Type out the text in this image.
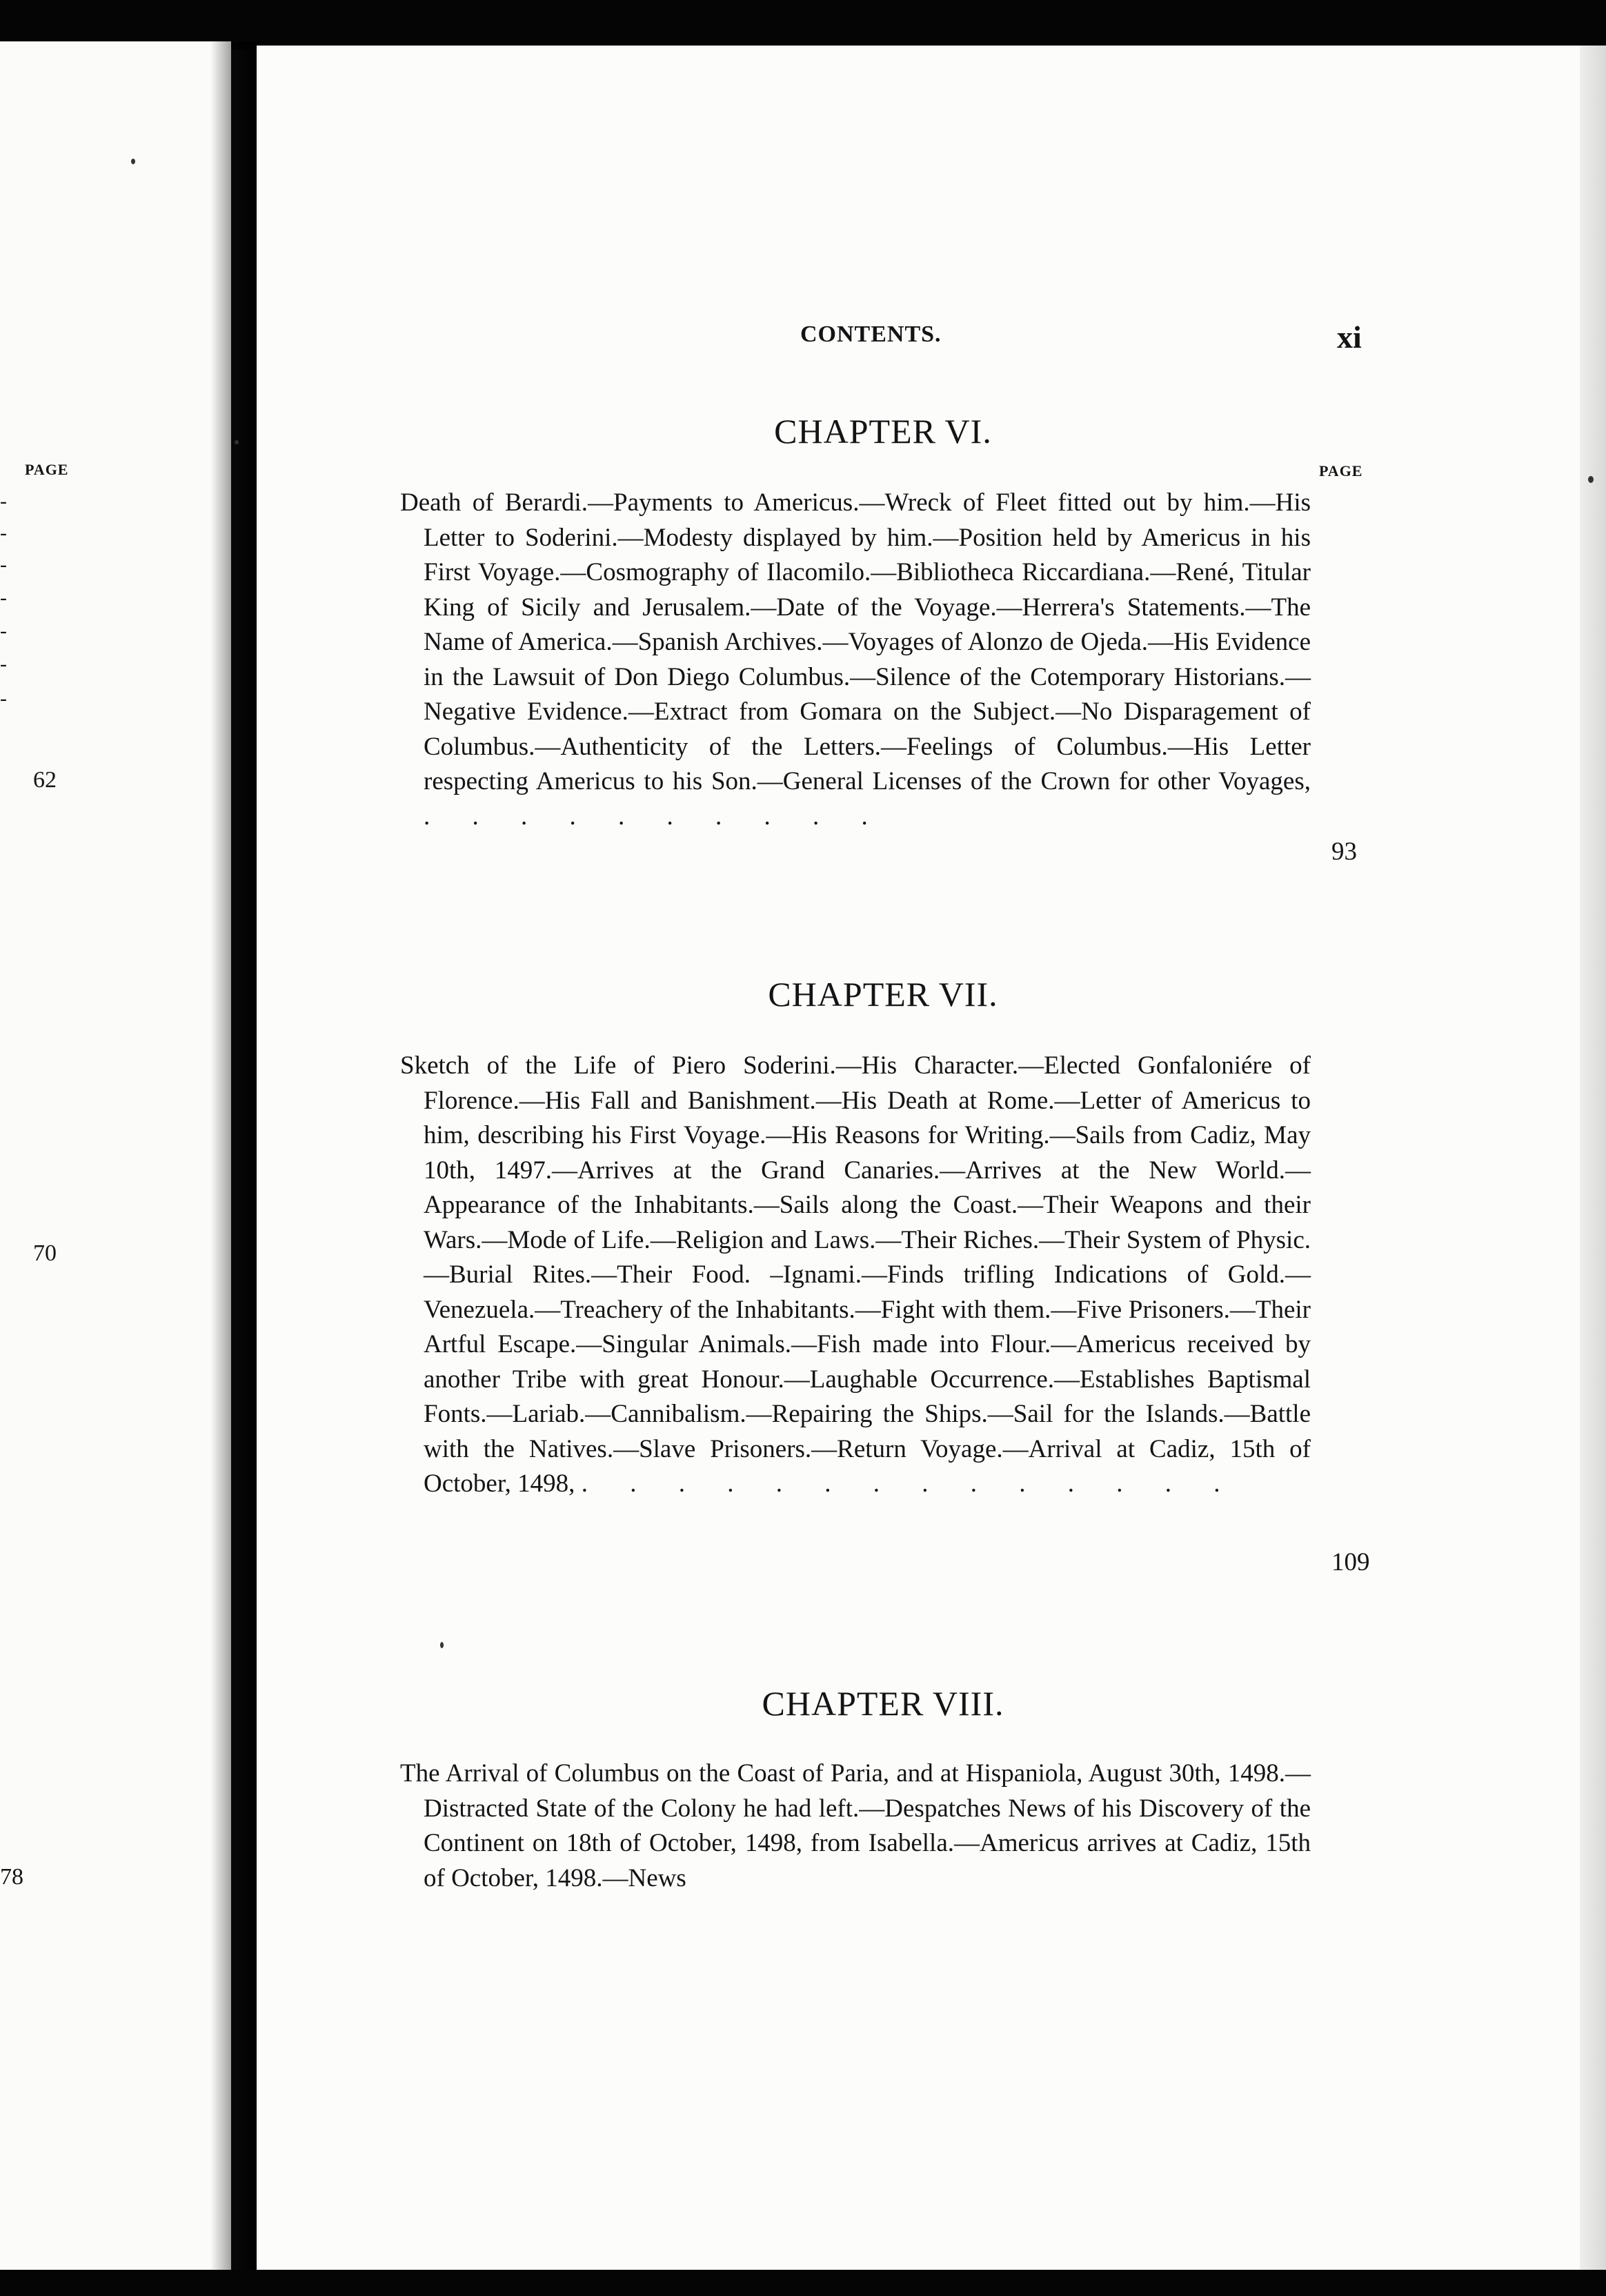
PAGE
-
-
-
-
-
-
-
62
70
78
CONTENTS.	xi
PAGE
CHAPTER VI.
Death of Berardi.—Payments to Americus.—Wreck of Fleet fitted out by him.—His Letter to Soderini.—Modesty displayed by him.—Position held by Americus in his First Voyage.—Cosmography of Ilacomilo.—Bibliotheca Riccardiana.—René, Titular King of Sicily and Jerusalem.—Date of the Voyage.—Herrera's Statements.—The Name of America.—Spanish Archives.—Voyages of Alonzo de Ojeda.—His Evidence in the Lawsuit of Don Diego Columbus.—Silence of the Cotemporary Historians.—Negative Evidence.—Extract from Gomara on the Subject.—No Disparagement of Columbus.—Authenticity of the Letters.—Feelings of Columbus.—His Letter respecting Americus to his Son.—General Licenses of the Crown for other Voyages, . . . . . . . . . .
93
CHAPTER VII.
Sketch of the Life of Piero Soderini.—His Character.—Elected Gonfaloniére of Florence.—His Fall and Banishment.—His Death at Rome.—Letter of Americus to him, describing his First Voyage.—His Reasons for Writing.—Sails from Cadiz, May 10th, 1497.—Arrives at the Grand Canaries.—Arrives at the New World.—Appearance of the Inhabitants.—Sails along the Coast.—Their Weapons and their Wars.—Mode of Life.—Religion and Laws.—Their Riches.—Their System of Physic.—Burial Rites.—Their Food. –Ignami.—Finds trifling Indications of Gold.—Venezuela.—Treachery of the Inhabitants.—Fight with them.—Five Prisoners.—Their Artful Escape.—Singular Animals.—Fish made into Flour.—Americus received by another Tribe with great Honour.—Laughable Occurrence.—Establishes Baptismal Fonts.—Lariab.—Cannibalism.—Repairing the Ships.—Sail for the Islands.—Battle with the Natives.—Slave Prisoners.—Return Voyage.—Arrival at Cadiz, 15th of October, 1498, . . . . . . . . . . . . . .
109
CHAPTER VIII.
The Arrival of Columbus on the Coast of Paria, and at Hispaniola, August 30th, 1498.—Distracted State of the Colony he had left.—Despatches News of his Discovery of the Continent on 18th of October, 1498, from Isabella.—Americus arrives at Cadiz, 15th of October, 1498.—News
